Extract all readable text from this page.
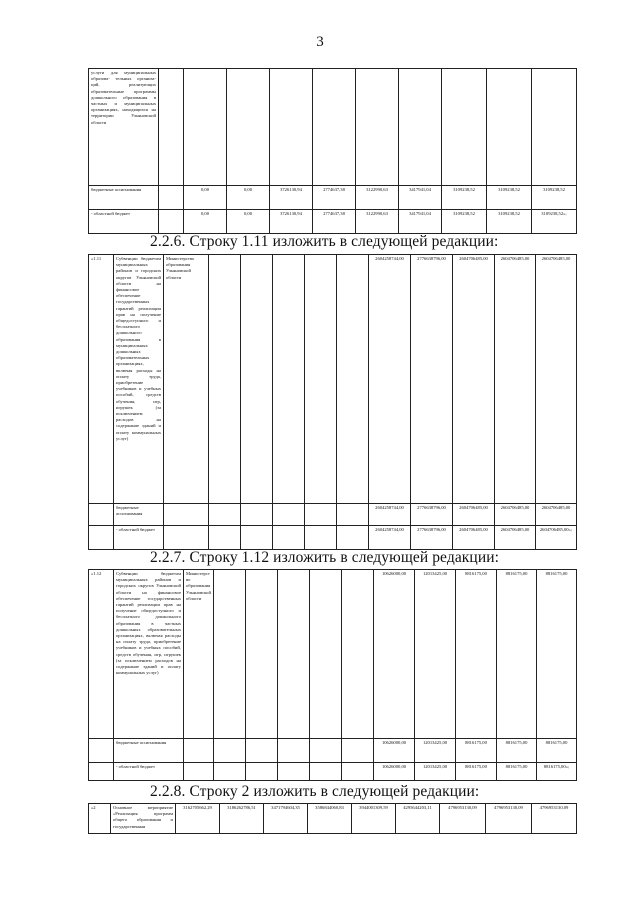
3
услуги для муниципальных образова- тельных организа- ций, реализующих образовательные программы дошкольного образования в частных и муниципальных организациях, находящихся на территории Ульяновской области										
бюджетные ассигнования		0,00	0,00	3726130,94	2774637,38	3122990,63	3417941,04	3109238,52	3109238,52	3109238,52
- областной бюджет		0,00	0,00	3726130,94	2774637,38	3122990,63	3417941,04	3109238,52	3109238,52	3109238,52»;
2.2.6. Строку 1.11 изложить в следующей редакции:
«1.11	Субвенции бюджетам муниципальных районов и городских округов Ульяновской области на финансовое обеспечение государственных гарантий реализации прав на получение общедоступного и бесплатного дошкольного образования в муниципальных дошкольных образовательных организациях, включая расходы на оплату труда, приобретение учебников и учебных пособий, средств обучения, игр, игрушек (за исключением расходов на содержание зданий и оплату коммунальных услуг)	Министерство образования Ульяновской области						2604258744,00	2776638796,00	2604706485,00	2604706485,00	2604706485,00
	бюджетные ассигнования							2604258744,00	2776638796,00	2604706485,00	2604706485,00	2604706485,00
	- областной бюджет							2604258744,00	2776638796,00	2604706485,00	2604706485,00	2604706485,00»;
2.2.7. Строку 1.12 изложить в следующей редакции:
«1.12	Субвенции бюджетам муниципальных районов и городских округов Ульяновской области на финансовое обеспечение государственных гарантий реализации прав на получение общедоступного и бесплатного дошкольного образования в частных дошкольных образовательных организациях, включая расходы на оплату труда, приобретение учебников и учебных пособий, средств обучения, игр, игрушек (за исключением расходов на содержание зданий и оплату коммунальных услуг)	Министерство образования Ульяновской области						10626000,00	12013425,00	8816175,00	8816175,00	8816175,00
	бюджетные ассигнования							10626000,00	12013425,00	8816175,00	8816175,00	8816175,00
	- областной бюджет							10626000,00	12013425,00	8816175,00	8816175,00	8816175,00»;
2.2.8. Строку 2 изложить в следующей редакции:
«2	Основное мероприятие «Реализация программ общего образования и государственная	3162705662,29	3186262786,51	3471794604,35	3586844060,83	3944001309,59	4295644203,11	4796953130,09	4796953130,09	4796953130,09
